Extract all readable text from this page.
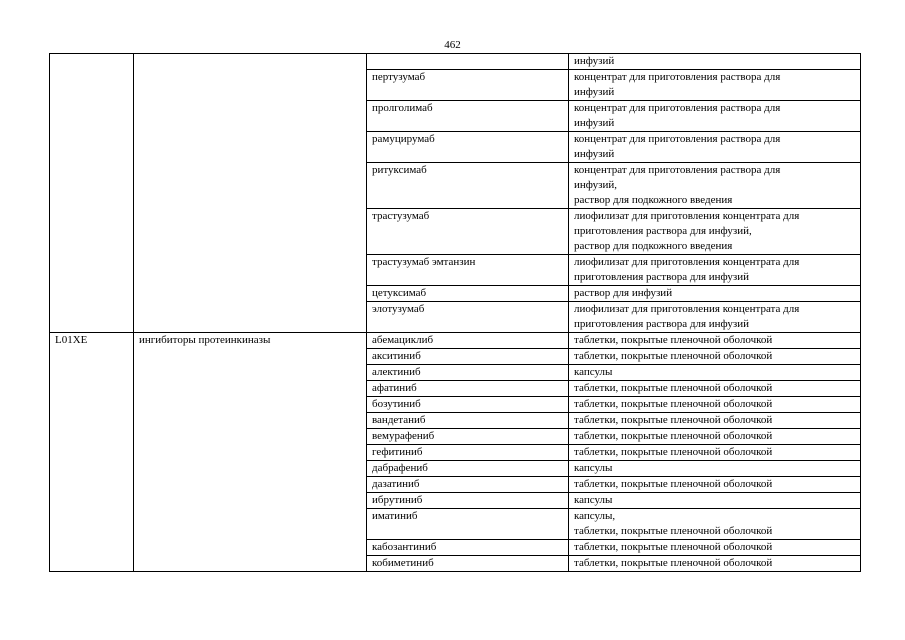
462

			инфузий

		пертузумаб	концентрат для приготовления раствора для
инфузий

		пролголимаб	концентрат для приготовления раствора для
инфузий

		рамуцирумаб	концентрат для приготовления раствора для
инфузий

		ритуксимаб	концентрат для приготовления раствора для
инфузий,
раствор для подкожного введения

		трастузумаб	лиофилизат для приготовления концентрата для
приготовления раствора для инфузий,
раствор для подкожного введения

		трастузумаб эмтанзин	лиофилизат для приготовления концентрата для
приготовления раствора для инфузий

		цетуксимаб	раствор для инфузий

		элотузумаб	лиофилизат для приготовления концентрата для
приготовления раствора для инфузий

L01XE	ингибиторы протеинкиназы	абемациклиб	таблетки, покрытые пленочной оболочкой

		акситиниб	таблетки, покрытые пленочной оболочкой

		алектиниб	капсулы

		афатиниб	таблетки, покрытые пленочной оболочкой

		бозутиниб	таблетки, покрытые пленочной оболочкой

		вандетаниб	таблетки, покрытые пленочной оболочкой

		вемурафениб	таблетки, покрытые пленочной оболочкой

		гефитиниб	таблетки, покрытые пленочной оболочкой

		дабрафениб	капсулы

		дазатиниб	таблетки, покрытые пленочной оболочкой

		ибрутиниб	капсулы

		иматиниб	капсулы,
таблетки, покрытые пленочной оболочкой

		кабозантиниб	таблетки, покрытые пленочной оболочкой

		кобиметиниб	таблетки, покрытые пленочной оболочкой
